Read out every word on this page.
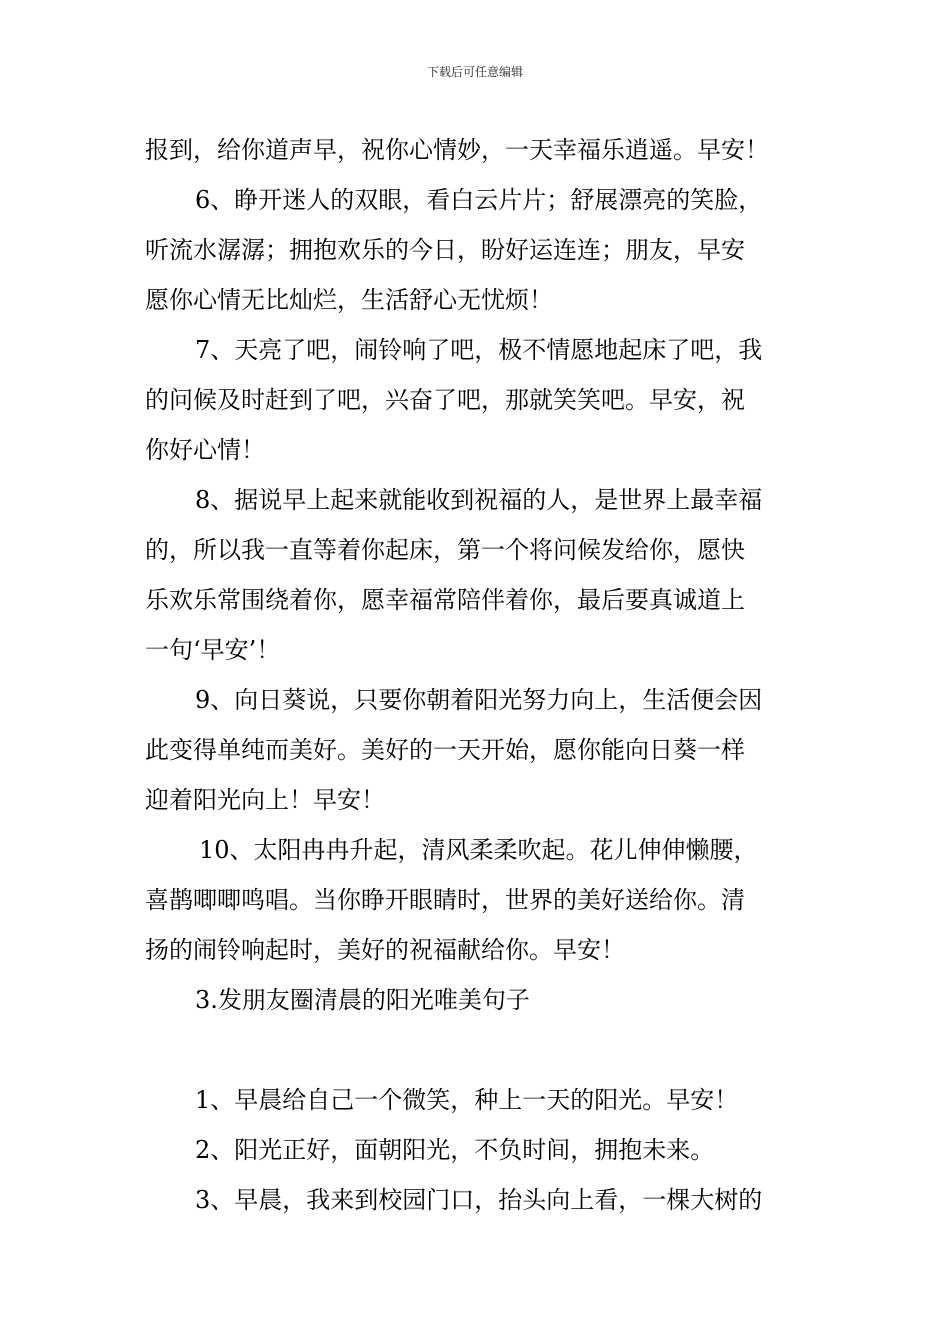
下载后可任意编辑
报到，给你道声早，祝你心情妙，一天幸福乐逍遥。早安！
6、睁开迷人的双眼，看白云片片；舒展漂亮的笑脸，
听流水潺潺；拥抱欢乐的今日，盼好运连连；朋友，早安
愿你心情无比灿烂，生活舒心无忧烦！
7、天亮了吧，闹铃响了吧，极不情愿地起床了吧，我
的问候及时赶到了吧，兴奋了吧，那就笑笑吧。早安，祝
你好心情！
8、据说早上起来就能收到祝福的人，是世界上最幸福
的，所以我一直等着你起床，第一个将问候发给你，愿快
乐欢乐常围绕着你，愿幸福常陪伴着你，最后要真诚道上
一句‘早安’！
9、向日葵说，只要你朝着阳光努力向上，生活便会因
此变得单纯而美好。美好的一天开始，愿你能向日葵一样
迎着阳光向上！早安！
10、太阳冉冉升起，清风柔柔吹起。花儿伸伸懒腰，
喜鹊唧唧鸣唱。当你睁开眼睛时，世界的美好送给你。清
扬的闹铃响起时，美好的祝福献给你。早安！
3.发朋友圈清晨的阳光唯美句子
1、早晨给自己一个微笑，种上一天的阳光。早安！
2、阳光正好，面朝阳光，不负时间，拥抱未来。
3、早晨，我来到校园门口，抬头向上看，一棵大树的
